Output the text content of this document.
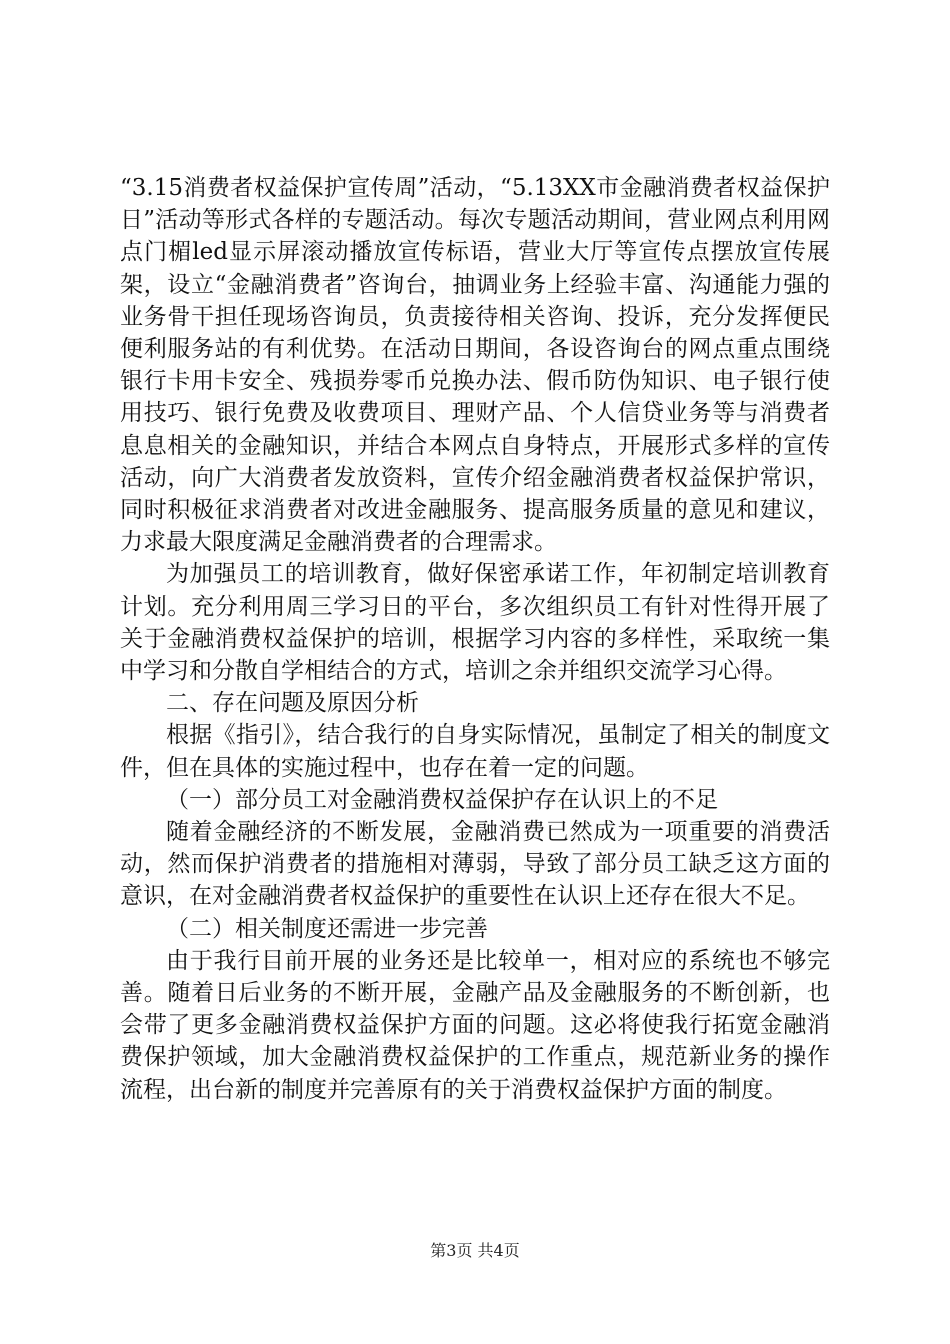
“3.15消费者权益保护宣传周”活动，“5.13XX市金融消费者权益保护日”活动等形式各样的专题活动。每次专题活动期间，营业网点利用网点门楣led显示屏滚动播放宣传标语，营业大厅等宣传点摆放宣传展架，设立“金融消费者”咨询台，抽调业务上经验丰富、沟通能力强的业务骨干担任现场咨询员，负责接待相关咨询、投诉，充分发挥便民便利服务站的有利优势。在活动日期间，各设咨询台的网点重点围绕银行卡用卡安全、残损券零币兑换办法、假币防伪知识、电子银行使用技巧、银行免费及收费项目、理财产品、个人信贷业务等与消费者息息相关的金融知识，并结合本网点自身特点，开展形式多样的宣传活动，向广大消费者发放资料，宣传介绍金融消费者权益保护常识，同时积极征求消费者对改进金融服务、提高服务质量的意见和建议，力求最大限度满足金融消费者的合理需求。

为加强员工的培训教育，做好保密承诺工作，年初制定培训教育计划。充分利用周三学习日的平台，多次组织员工有针对性得开展了关于金融消费权益保护的培训，根据学习内容的多样性，采取统一集中学习和分散自学相结合的方式，培训之余并组织交流学习心得。

二、存在问题及原因分析

根据《指引》，结合我行的自身实际情况，虽制定了相关的制度文件，但在具体的实施过程中，也存在着一定的问题。

（一）部分员工对金融消费权益保护存在认识上的不足

随着金融经济的不断发展，金融消费已然成为一项重要的消费活动，然而保护消费者的措施相对薄弱，导致了部分员工缺乏这方面的意识，在对金融消费者权益保护的重要性在认识上还存在很大不足。

（二）相关制度还需进一步完善

由于我行目前开展的业务还是比较单一，相对应的系统也不够完善。随着日后业务的不断开展，金融产品及金融服务的不断创新，也会带了更多金融消费权益保护方面的问题。这必将使我行拓宽金融消费保护领域，加大金融消费权益保护的工作重点，规范新业务的操作流程，出台新的制度并完善原有的关于消费权益保护方面的制度。

第3页 共4页
